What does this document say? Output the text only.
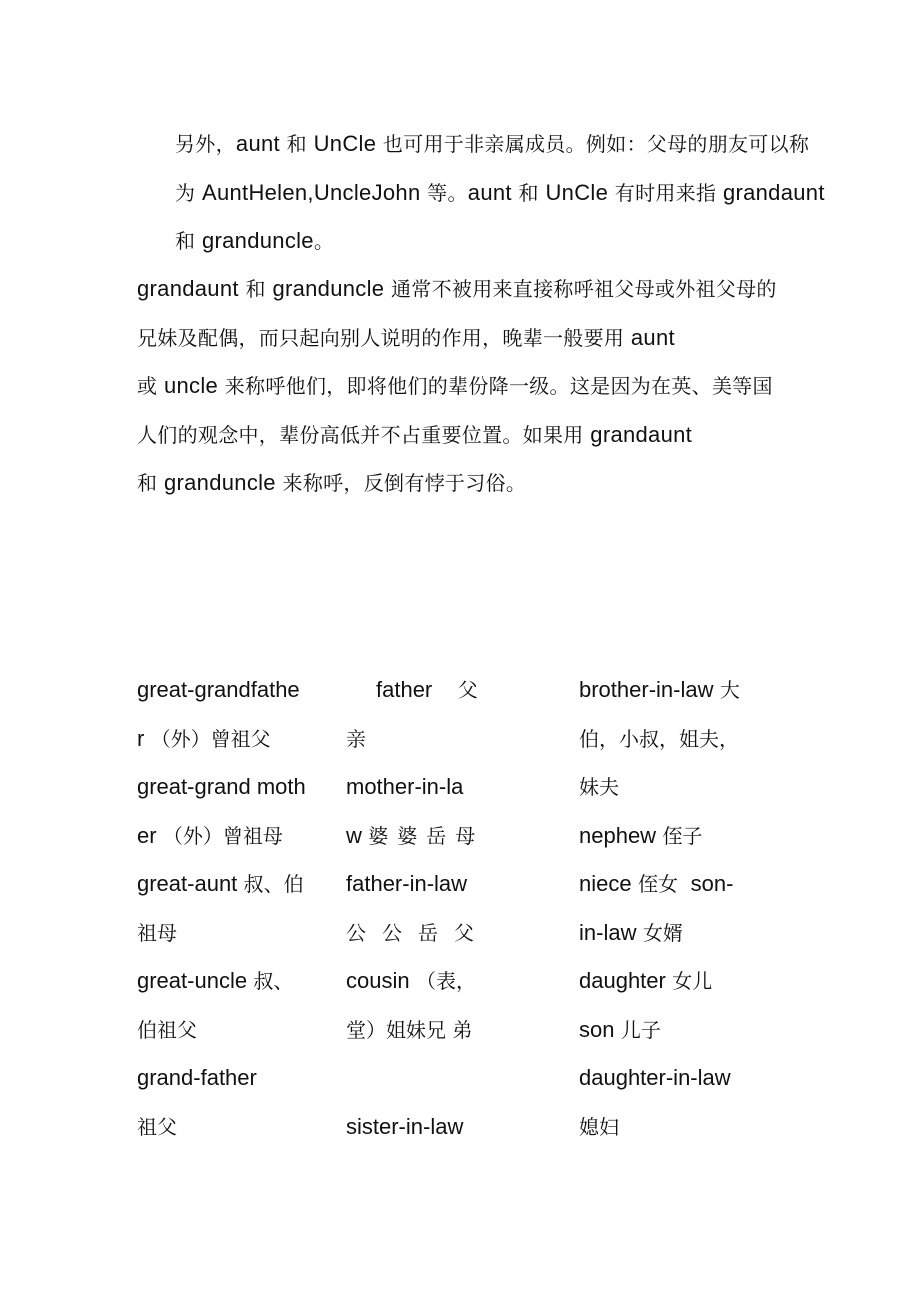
另外，aunt 和 UnCle 也可用于非亲属成员。例如：父母的朋友可以称为 AuntHelen,UncleJohn 等。aunt 和 UnCle 有时用来指 grandaunt 和 granduncle。

grandaunt 和 granduncle 通常不被用来直接称呼祖父母或外祖父母的兄妹及配偶，而只起向别人说明的作用，晚辈一般要用 aunt
或 uncle 来称呼他们，即将他们的辈份降一级。这是因为在英、美等国人们的观念中，辈份高低并不占重要位置。如果用 grandaunt
和 granduncle 来称呼，反倒有悖于习俗。

great-grandfathe
r （外）曾祖父
great-grand moth
er （外）曾祖母
great-aunt 叔、伯
祖母
great-uncle 叔、
伯祖父
grand-father
祖父
father 父
亲
mother-in-la
w 婆婆岳母
father-in-law
公公岳父
cousin （表，
堂）姐妹兄 弟
sister-in-law
brother-in-law 大
伯，小叔，姐夫，
妹夫
nephew 侄子
niece 侄女 son-
in-law 女婿
daughter 女儿
son 儿子
daughter-in-law
媳妇
